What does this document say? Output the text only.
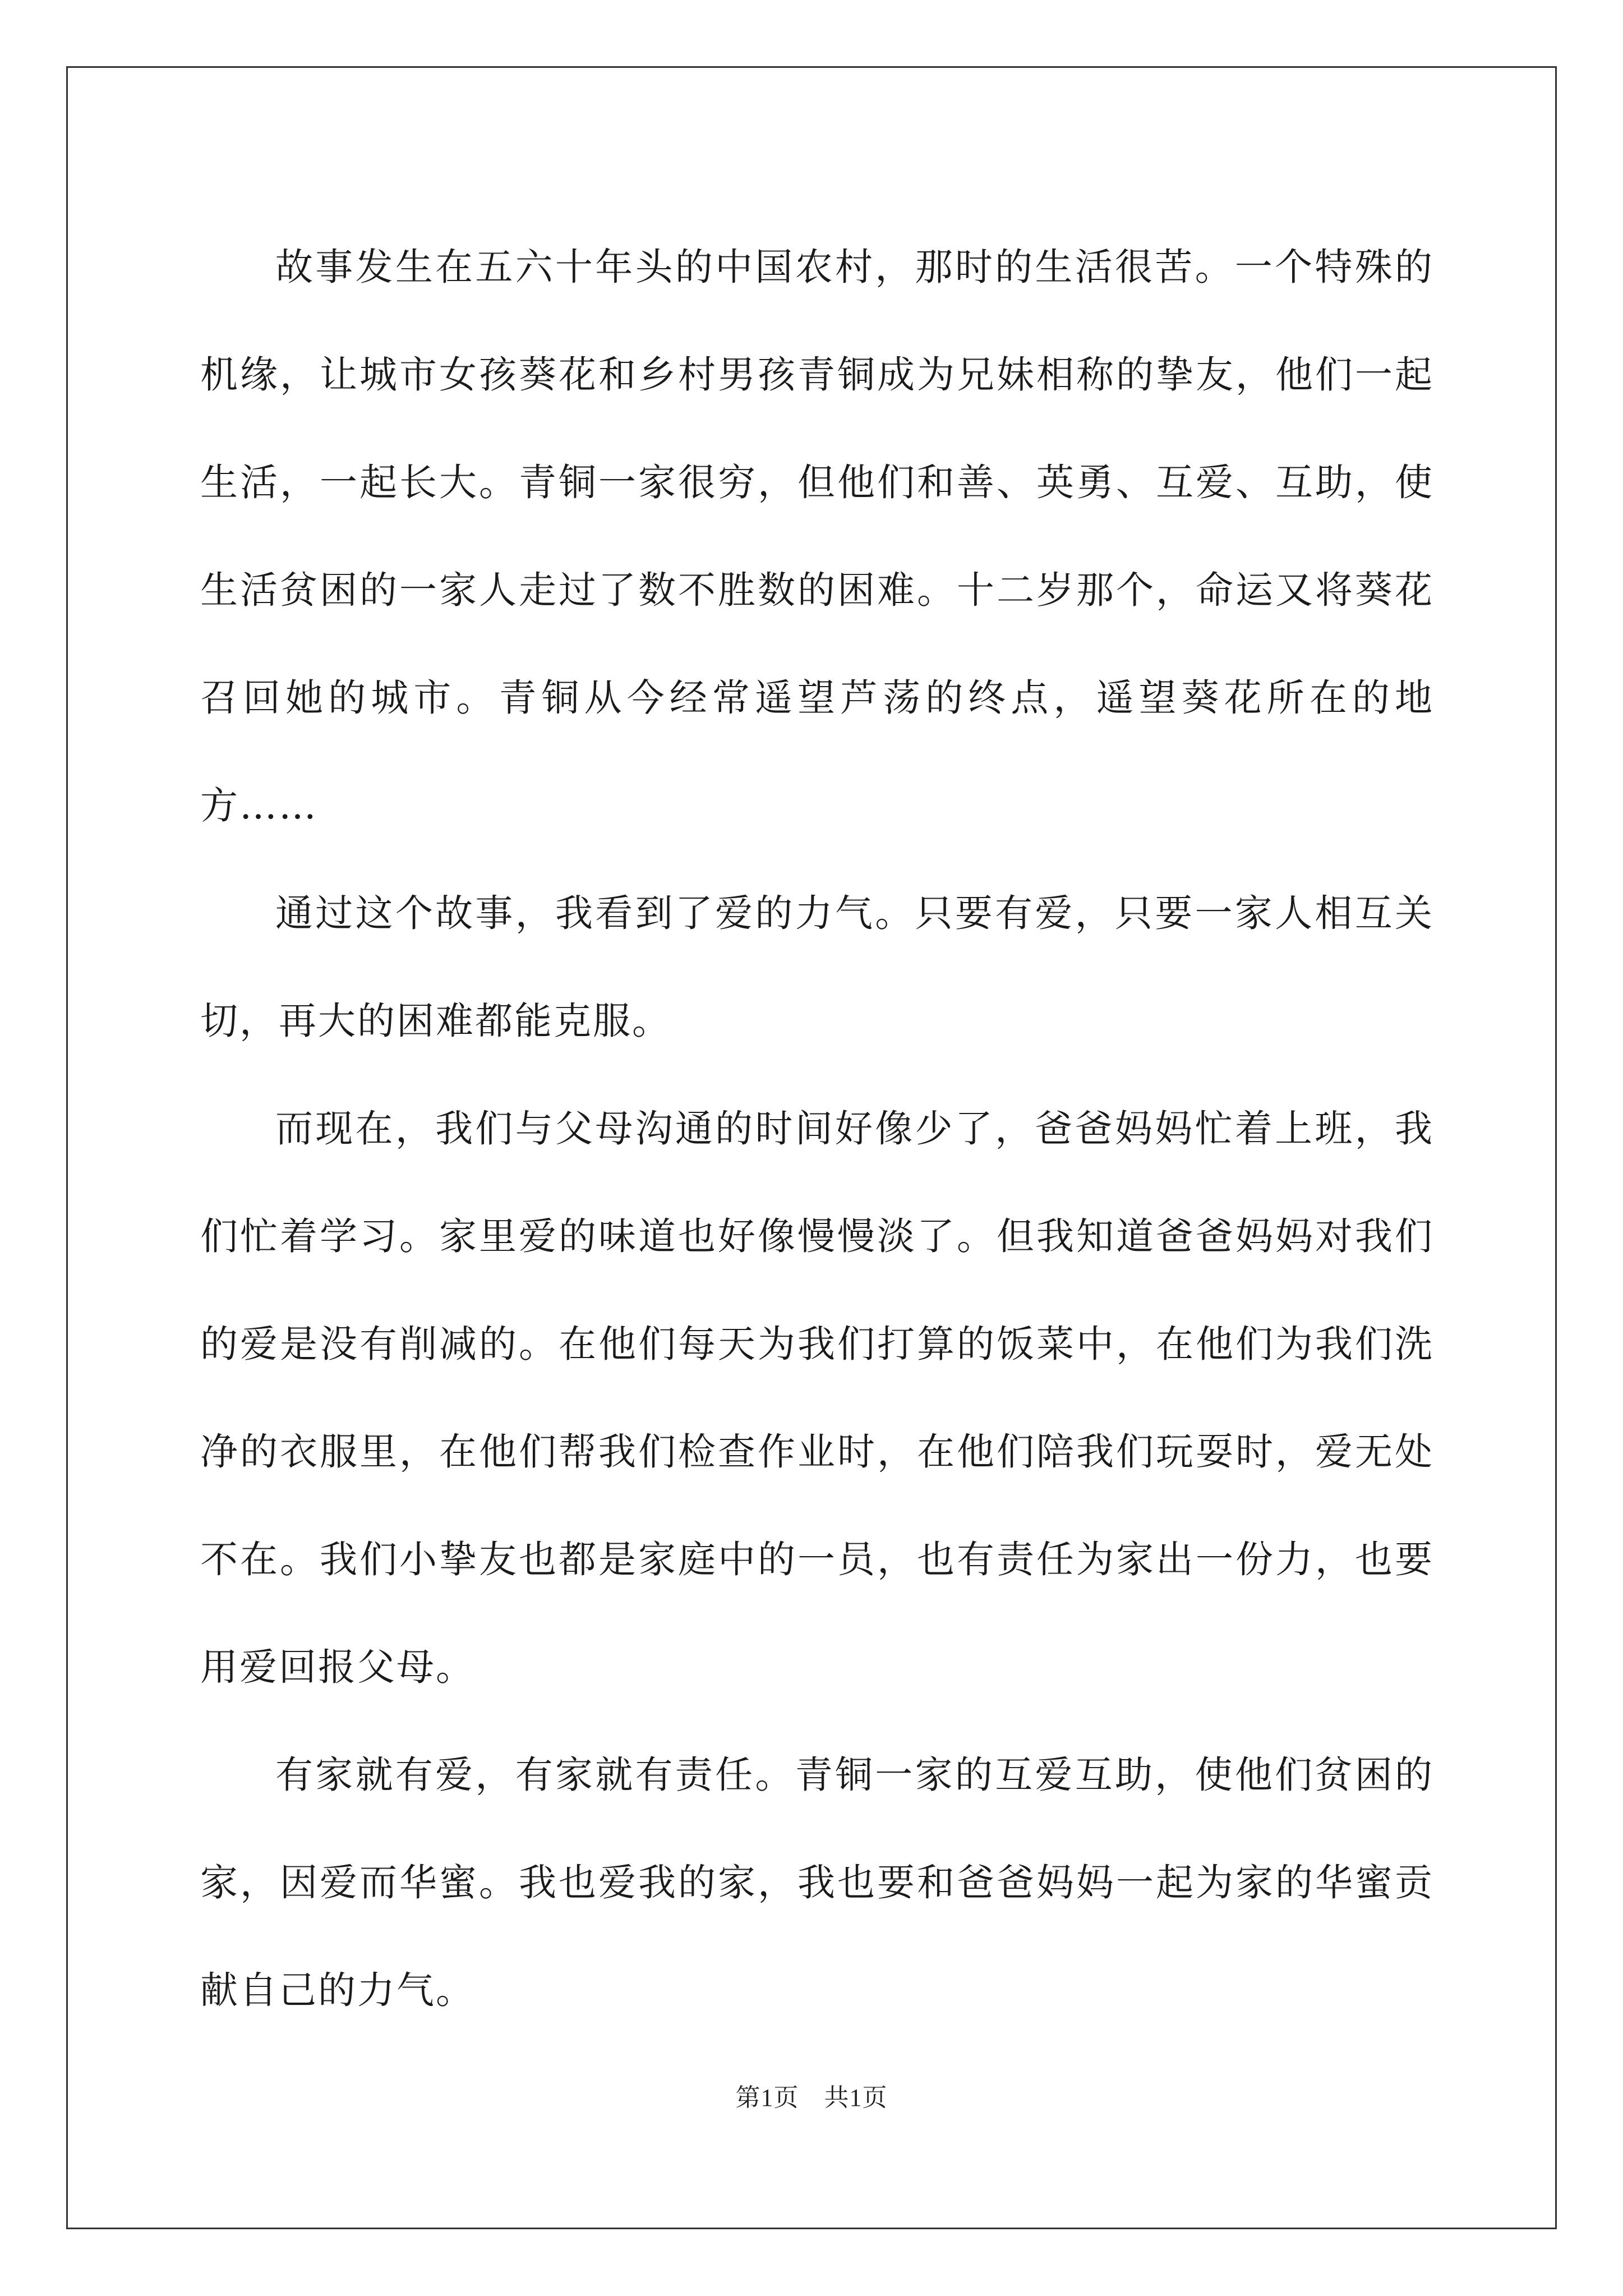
故事发生在五六十年头的中国农村，那时的生活很苦。一个特殊的机缘，让城市女孩葵花和乡村男孩青铜成为兄妹相称的挚友，他们一起生活，一起长大。青铜一家很穷，但他们和善、英勇、互爱、互助，使生活贫困的一家人走过了数不胜数的困难。十二岁那个，命运又将葵花召回她的城市。青铜从今经常遥望芦荡的终点，遥望葵花所在的地方……

通过这个故事，我看到了爱的力气。只要有爱，只要一家人相互关切，再大的困难都能克服。

而现在，我们与父母沟通的时间好像少了，爸爸妈妈忙着上班，我们忙着学习。家里爱的味道也好像慢慢淡了。但我知道爸爸妈妈对我们的爱是没有削减的。在他们每天为我们打算的饭菜中，在他们为我们洗净的衣服里，在他们帮我们检查作业时，在他们陪我们玩耍时，爱无处不在。我们小挚友也都是家庭中的一员，也有责任为家出一份力，也要用爱回报父母。

有家就有爱，有家就有责任。青铜一家的互爱互助，使他们贫困的家，因爱而华蜜。我也爱我的家，我也要和爸爸妈妈一起为家的华蜜贡献自己的力气。

第1页　共1页
